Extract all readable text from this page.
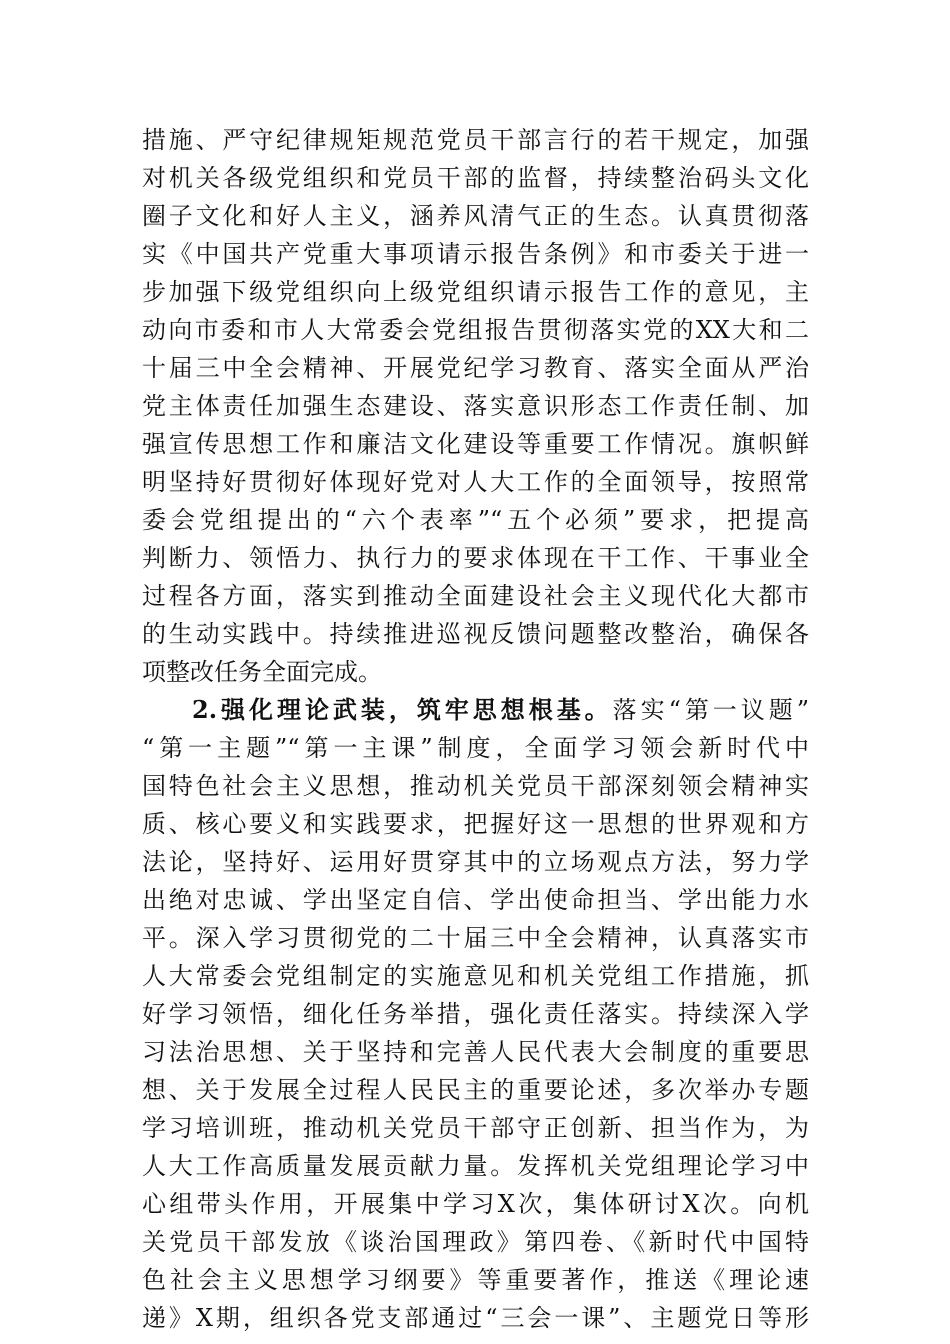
措施、严守纪律规矩规范党员干部言行的若干规定，加强
对机关各级党组织和党员干部的监督，持续整治码头文化
圈子文化和好人主义，涵养风清气正的生态。认真贯彻落
实《中国共产党重大事项请示报告条例》和市委关于进一
步加强下级党组织向上级党组织请示报告工作的意见，主
动向市委和市人大常委会党组报告贯彻落实党的XX大和二
十届三中全会精神、开展党纪学习教育、落实全面从严治
党主体责任加强生态建设、落实意识形态工作责任制、加
强宣传思想工作和廉洁文化建设等重要工作情况。旗帜鲜
明坚持好贯彻好体现好党对人大工作的全面领导，按照常
委会党组提出的“六个表率”“五个必须”要求，把提高
判断力、领悟力、执行力的要求体现在干工作、干事业全
过程各方面，落实到推动全面建设社会主义现代化大都市
的生动实践中。持续推进巡视反馈问题整改整治，确保各
项整改任务全面完成。
2.强化理论武装，筑牢思想根基。落实“第一议题”
“第一主题”“第一主课”制度，全面学习领会新时代中
国特色社会主义思想，推动机关党员干部深刻领会精神实
质、核心要义和实践要求，把握好这一思想的世界观和方
法论，坚持好、运用好贯穿其中的立场观点方法，努力学
出绝对忠诚、学出坚定自信、学出使命担当、学出能力水
平。深入学习贯彻党的二十届三中全会精神，认真落实市
人大常委会党组制定的实施意见和机关党组工作措施，抓
好学习领悟，细化任务举措，强化责任落实。持续深入学
习法治思想、关于坚持和完善人民代表大会制度的重要思
想、关于发展全过程人民民主的重要论述，多次举办专题
学习培训班，推动机关党员干部守正创新、担当作为，为
人大工作高质量发展贡献力量。发挥机关党组理论学习中
心组带头作用，开展集中学习X次，集体研讨X次。向机
关党员干部发放《谈治国理政》第四卷、《新时代中国特
色社会主义思想学习纲要》等重要著作，推送《理论速
递》X期，组织各党支部通过“三会一课”、主题党日等形
